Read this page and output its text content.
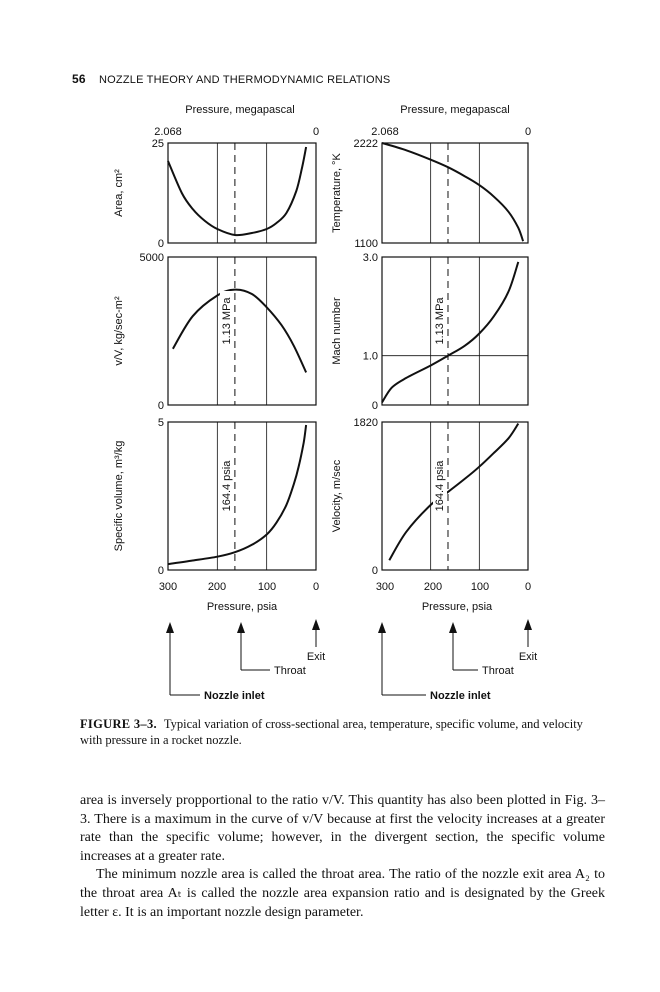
56 NOZZLE THEORY AND THERMODYNAMIC RELATIONS
Pressure, megapascal
2.068	0
Pressure, megapascal
2.068	0
25
0
Area, cm²
2222
1100
Temperature, °K
5000
0
v/V, kg/sec-m²	1.13 MPa
3.0
1.0
0
Mach number	1.13 MPa
5
0
Specific volume, m³/kg	164.4 psia
1820
0
Velocity, m/sec	164.4 psia
300	200	100	0
Pressure, psia
300	200	100	0
Pressure, psia
Exit
Throat
Nozzle inlet
Exit
Throat
Nozzle inlet
FIGURE 3–3. Typical variation of cross-sectional area, temperature, specific volume, and velocity with pressure in a rocket nozzle.

area is inversely propportional to the ratio v/V. This quantity has also been plotted in Fig. 3–3. There is a maximum in the curve of v/V because at first the velocity increases at a greater rate than the specific volume; however, in the divergent section, the specific volume increases at a greater rate.

The minimum nozzle area is called the throat area. The ratio of the nozzle exit area A₂ to the throat area Aₜ is called the nozzle area expansion ratio and is designated by the Greek letter ε. It is an important nozzle design parameter.
